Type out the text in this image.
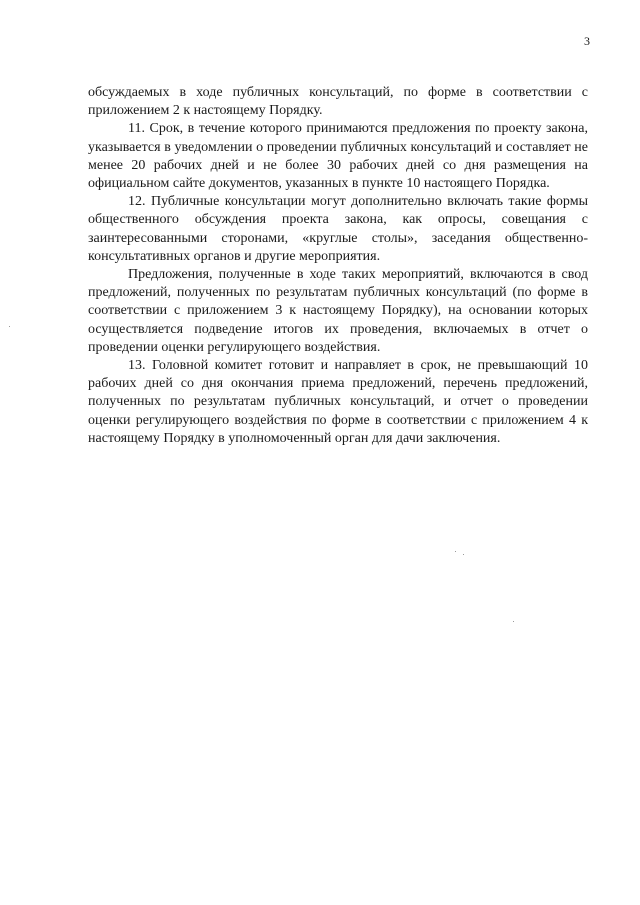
3

обсуждаемых в ходе публичных консультаций, по форме в соответствии с приложением 2 к настоящему Порядку.

11. Срок, в течение которого принимаются предложения по проекту закона, указывается в уведомлении о проведении публичных консультаций и составляет не менее 20 рабочих дней и не более 30 рабочих дней со дня размещения на официальном сайте документов, указанных в пункте 10 настоящего Порядка.

12. Публичные консультации могут дополнительно включать такие формы общественного обсуждения проекта закона, как опросы, совещания с заинтересованными сторонами, «круглые столы», заседания общественно-консультативных органов и другие мероприятия.

Предложения, полученные в ходе таких мероприятий, включаются в свод предложений, полученных по результатам публичных консультаций (по форме в соответствии с приложением 3 к настоящему Порядку), на основании которых осуществляется подведение итогов их проведения, включаемых в отчет о проведении оценки регулирующего воздействия.

13. Головной комитет готовит и направляет в срок, не превышающий 10 рабочих дней со дня окончания приема предложений, перечень предложений, полученных по результатам публичных консультаций, и отчет о проведении оценки регулирующего воздействия по форме в соответствии с приложением 4 к настоящему Порядку в уполномоченный орган для дачи заключения.
